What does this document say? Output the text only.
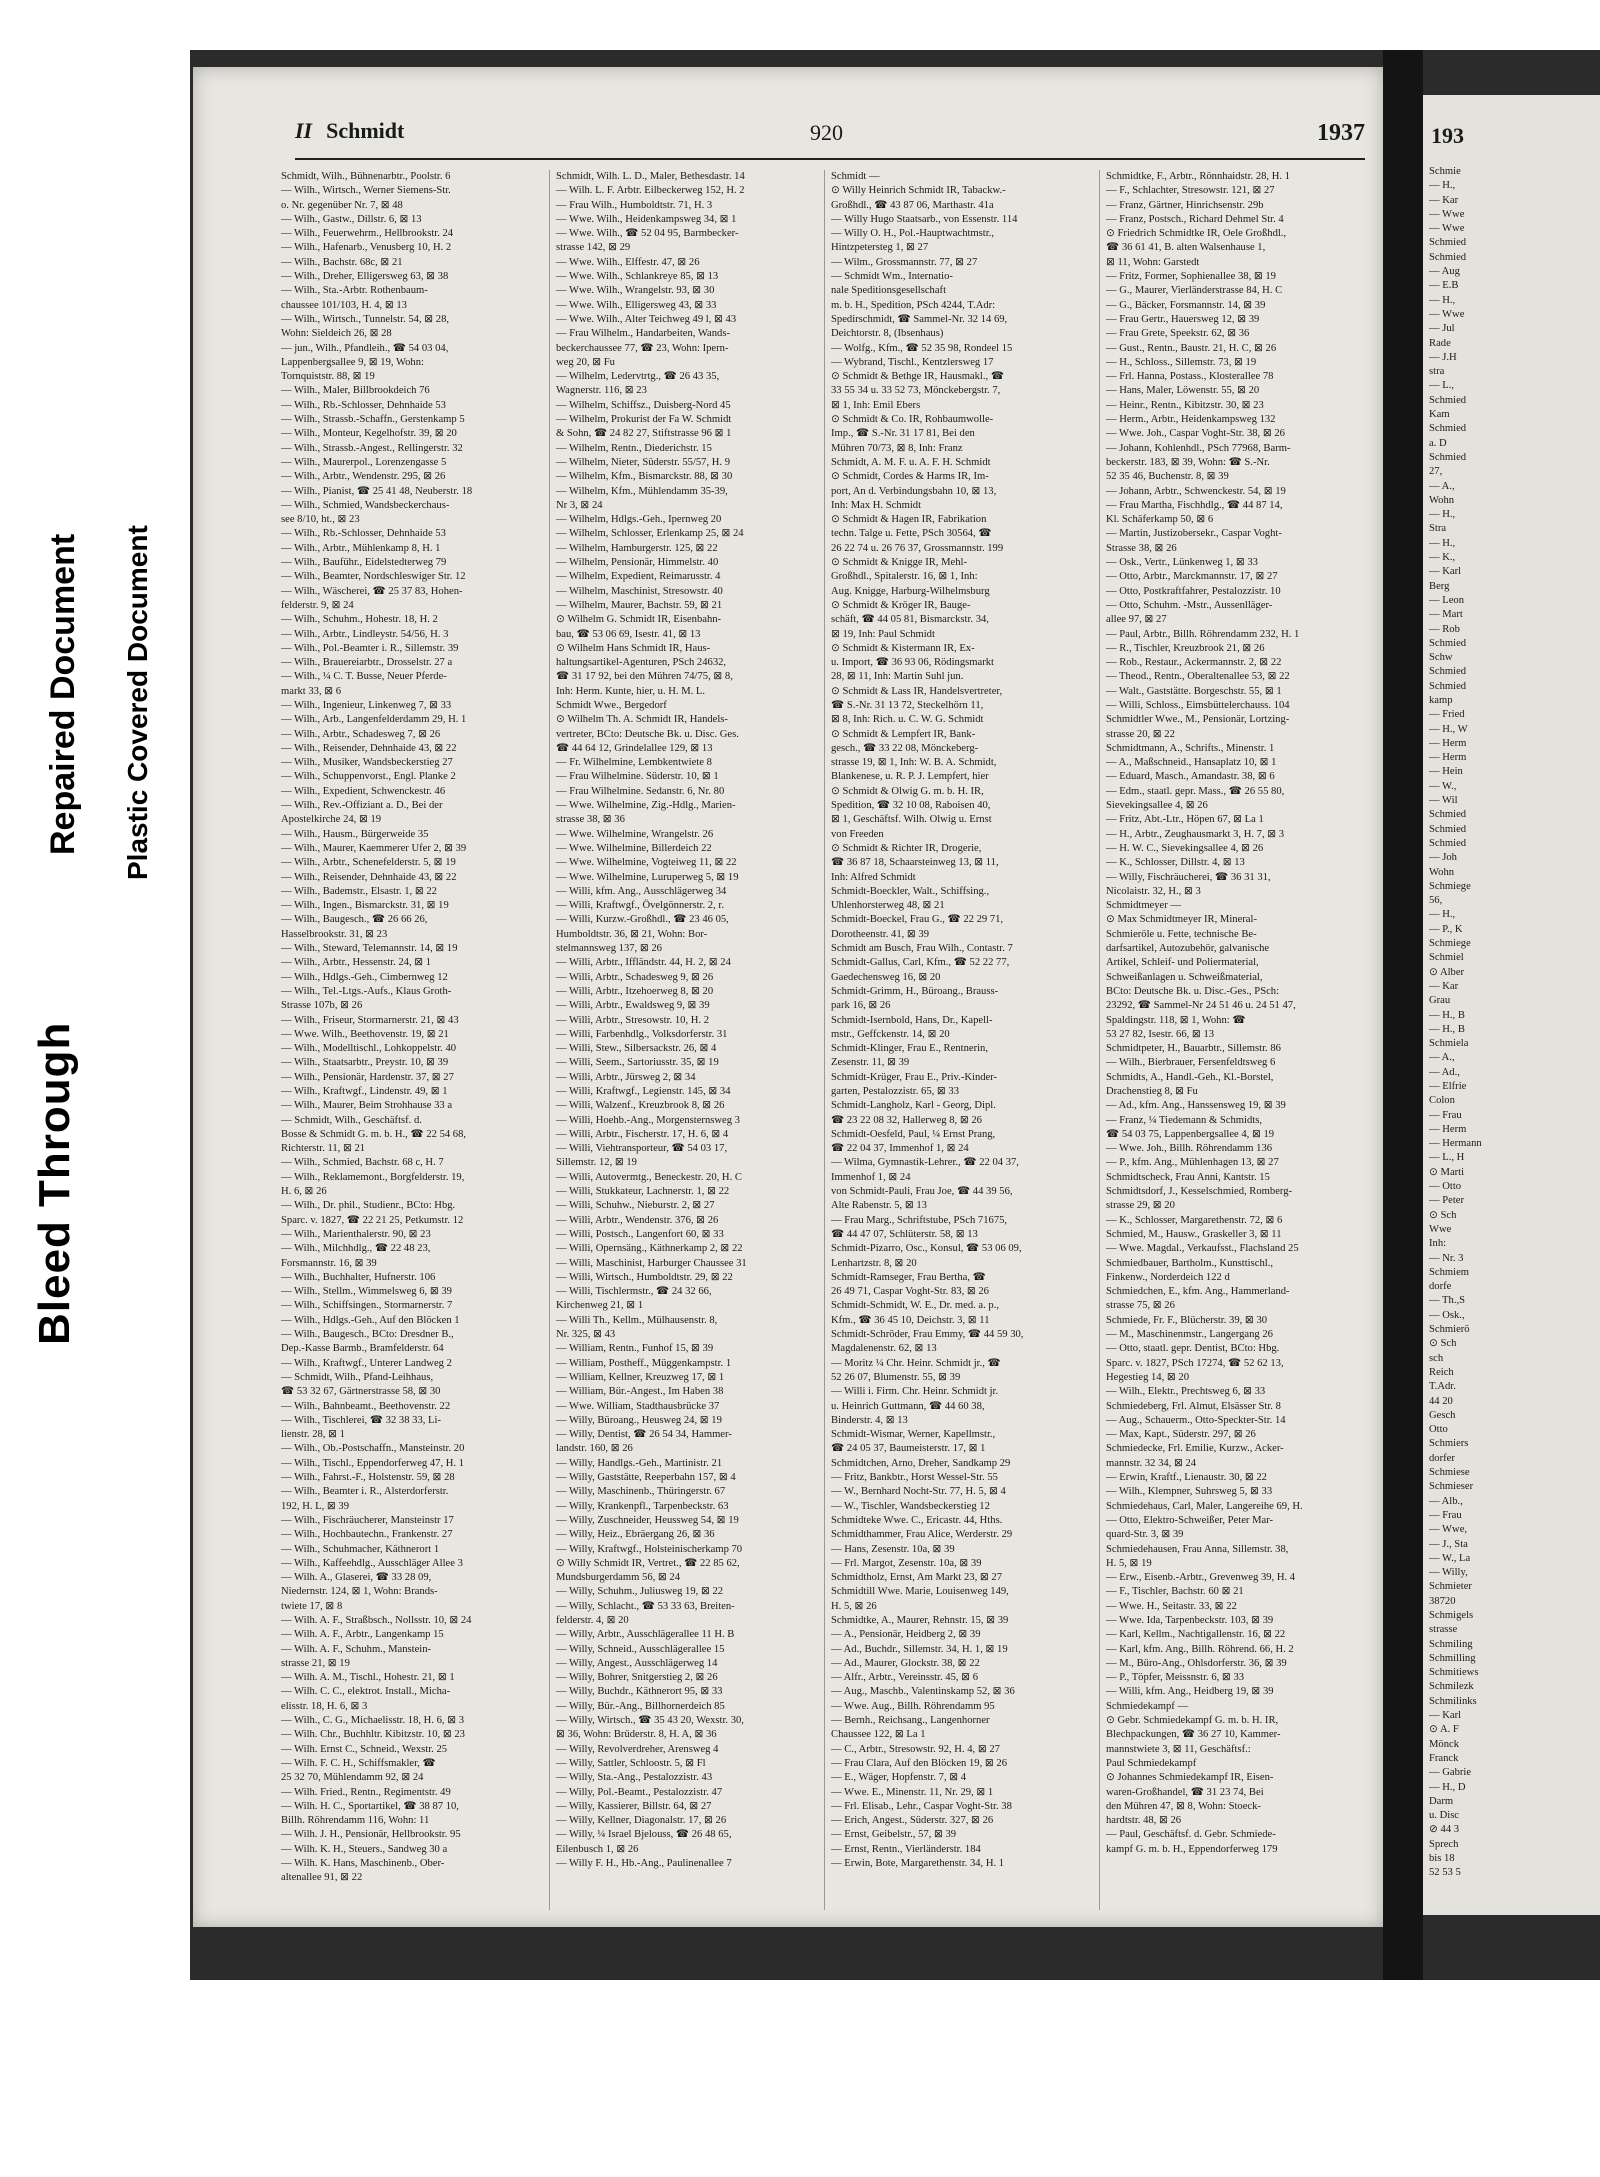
Bleed Through
Repaired Document Plastic Covered Document
193
Schmie
— H.,
— Kar
— Wwe
— Wwe
Schmied
Schmied
— Aug
— E.B
— H.,
— Wwe
— Jul
Rade
— J.H
stra
— L.,
Schmied
Kam
Schmied
a. D
Schmied
27,
— A.,
Wohn
— H.,
Stra
— H.,
— K.,
— Karl
Berg
— Leon
— Mart
— Rob
Schmied
Schw
Schmied
Schmied
kamp
— Fried
— H., W
— Herm
— Herm
— Hein
— W.,
— Wil
Schmied
Schmied
Schmied
— Joh
Wohn
Schmiege
56,
— H.,
— P., K
Schmiege
Schmiel
⊙ Alber
— Kar
Grau
— H., B
— H., B
Schmiela
— A.,
— Ad.,
— Elfrie
Colon
— Frau
— Herm
— Hermann
— L., H
⊙ Marti
— Otto
— Peter
⊙ Sch
Wwe
Inh:
— Nr. 3
Schmiem
dorfe
— Th.,S
— Osk.,
Schmierö
⊙ Sch
sch
Reich
T.Adr.
44 20
Gesch
Otto
Schmiers
dorfer
Schmiese
Schmieser
— Alb.,
— Frau
— Wwe,
— J., Sta
— W., La
— Willy,
Schmieter
38720
Schmigels
strasse
Schmiling
Schmilling
Schmitiews
Schmilezk
Schmilinks
— Karl
⊙ A. F
Mönck
Franck
— Gabrie
— H., D
Darm
u. Disc
⊘ 44 3
Sprech
bis 18
52 53 5
II Schmidt	920	1937
Schmidt, Wilh., Bühnenarbtr., Poolstr. 6
— Wilh., Wirtsch., Werner Siemens-Str.
o. Nr. gegenüber Nr. 7, ⊠ 48
— Wilh., Gastw., Dillstr. 6, ⊠ 13
— Wilh., Feuerwehrm., Hellbrookstr. 24
— Wilh., Hafenarb., Venusberg 10, H. 2
— Wilh., Bachstr. 68c, ⊠ 21
— Wilh., Dreher, Elligersweg 63, ⊠ 38
— Wilh., Sta.-Arbtr. Rothenbaum-
chaussee 101/103, H. 4, ⊠ 13
— Wilh., Wirtsch., Tunnelstr. 54, ⊠ 28,
Wohn: Sieldeich 26, ⊠ 28
— jun., Wilh., Pfandleih., ☎ 54 03 04,
Lappenbergsallee 9, ⊠ 19, Wohn:
Tornquiststr. 88, ⊠ 19
— Wilh., Maler, Billbrookdeich 76
— Wilh., Rb.-Schlosser, Dehnhaide 53
— Wilh., Strassb.-Schaffn., Gerstenkamp 5
— Wilh., Monteur, Kegelhofstr. 39, ⊠ 20
— Wilh., Strassb.-Angest., Rellingerstr. 32
— Wilh., Maurerpol., Lorenzengasse 5
— Wilh., Arbtr., Wendenstr. 295, ⊠ 26
— Wilh., Pianist, ☎ 25 41 48, Neuberstr. 18
— Wilh., Schmied, Wandsbeckerchaus-
see 8/10, ht., ⊠ 23
— Wilh., Rb.-Schlosser, Dehnhaide 53
— Wilh., Arbtr., Mühlenkamp 8, H. 1
— Wilh., Bauführ., Eidelstedterweg 79
— Wilh., Beamter, Nordschleswiger Str. 12
— Wilh., Wäscherei, ☎ 25 37 83, Hohen-
felderstr. 9, ⊠ 24
— Wilh., Schuhm., Hohestr. 18, H. 2
— Wilh., Arbtr., Lindleystr. 54/56, H. 3
— Wilh., Pol.-Beamter i. R., Sillemstr. 39
— Wilh., Brauereiarbtr., Drosselstr. 27 a
— Wilh., ¼ C. T. Busse, Neuer Pferde-
markt 33, ⊠ 6
— Wilh., Ingenieur, Linkenweg 7, ⊠ 33
— Wilh., Arb., Langenfelderdamm 29, H. 1
— Wilh., Arbtr., Schadesweg 7, ⊠ 26
— Wilh., Reisender, Dehnhaide 43, ⊠ 22
— Wilh., Musiker, Wandsbeckerstieg 27
— Wilh., Schuppenvorst., Engl. Planke 2
— Wilh., Expedient, Schwenckestr. 46
— Wilh., Rev.-Offiziant a. D., Bei der
Apostelkirche 24, ⊠ 19
— Wilh., Hausm., Bürgerweide 35
— Wilh., Maurer, Kaemmerer Ufer 2, ⊠ 39
— Wilh., Arbtr., Schenefelderstr. 5, ⊠ 19
— Wilh., Reisender, Dehnhaide 43, ⊠ 22
— Wilh., Bademstr., Elsastr. 1, ⊠ 22
— Wilh., Ingen., Bismarckstr. 31, ⊠ 19
— Wilh., Baugesch., ☎ 26 66 26,
Hasselbrookstr. 31, ⊠ 23
— Wilh., Steward, Telemannstr. 14, ⊠ 19
— Wilh., Arbtr., Hessenstr. 24, ⊠ 1
— Wilh., Hdlgs.-Geh., Cimbernweg 12
— Wilh., Tel.-Ltgs.-Aufs., Klaus Groth-
Strasse 107b, ⊠ 26
— Wilh., Friseur, Stormarnerstr. 21, ⊠ 43
— Wwe. Wilh., Beethovenstr. 19, ⊠ 21
— Wilh., Modelltischl., Lohkoppelstr. 40
— Wilh., Staatsarbtr., Preystr. 10, ⊠ 39
— Wilh., Pensionär, Hardenstr. 37, ⊠ 27
— Wilh., Kraftwgf., Lindenstr. 49, ⊠ 1
— Wilh., Maurer, Beim Strohhause 33 a
— Schmidt, Wilh., Geschäftsf. d.
Bosse & Schmidt G. m. b. H., ☎ 22 54 68,
Richterstr. 11, ⊠ 21
— Wilh., Schmied, Bachstr. 68 c, H. 7
— Wilh., Reklamemont., Borgfelderstr. 19,
H. 6, ⊠ 26
— Wilh., Dr. phil., Studienr., BCto: Hbg.
Sparc. v. 1827, ☎ 22 21 25, Petkumstr. 12
— Wilh., Marienthalerstr. 90, ⊠ 23
— Wilh., Milchhdlg., ☎ 22 48 23,
Forsmannstr. 16, ⊠ 39
— Wilh., Buchhalter, Hufnerstr. 106
— Wilh., Stellm., Wimmelsweg 6, ⊠ 39
— Wilh., Schiffsingen., Stormarnerstr. 7
— Wilh., Hdlgs.-Geh., Auf den Blöcken 1
— Wilh., Baugesch., BCto: Dresdner B.,
Dep.-Kasse Barmb., Bramfelderstr. 64
— Wilh., Kraftwgf., Unterer Landweg 2
— Schmidt, Wilh., Pfand-Leihhaus,
☎ 53 32 67, Gärtnerstrasse 58, ⊠ 30
— Wilh., Bahnbeamt., Beethovenstr. 22
— Wilh., Tischlerei, ☎ 32 38 33, Li-
lienstr. 28, ⊠ 1
— Wilh., Ob.-Postschaffn., Mansteinstr. 20
— Wilh., Tischl., Eppendorferweg 47, H. 1
— Wilh., Fahrst.-F., Holstenstr. 59, ⊠ 28
— Wilh., Beamter i. R., Alsterdorferstr.
192, H. L, ⊠ 39
— Wilh., Fischräucherer, Mansteinstr 17
— Wilh., Hochbautechn., Frankenstr. 27
— Wilh., Schuhmacher, Käthnerort 1
— Wilh., Kaffeehdlg., Ausschläger Allee 3
— Wilh. A., Glaserei, ☎ 33 28 09,
Niedernstr. 124, ⊠ 1, Wohn: Brands-
twiete 17, ⊠ 8
— Wilh. A. F., Straßbsch., Nollsstr. 10, ⊠ 24
— Wilh. A. F., Arbtr., Langenkamp 15
— Wilh. A. F., Schuhm., Manstein-
strasse 21, ⊠ 19
— Wilh. A. M., Tischl., Hohestr. 21, ⊠ 1
— Wilh. C. C., elektrot. Install., Micha-
elisstr. 18, H. 6, ⊠ 3
— Wilh., C. G., Michaelisstr. 18, H. 6, ⊠ 3
— Wilh. Chr., Buchhltr. Kibitzstr. 10, ⊠ 23
— Wilh. Ernst C., Schneid., Wexstr. 25
— Wilh. F. C. H., Schiffsmakler, ☎
25 32 70, Mühlendamm 92, ⊠ 24
— Wilh. Fried., Rentn., Regimentstr. 49
— Wilh. H. C., Sportartikel, ☎ 38 87 10,
Billh. Röhrendamm 116, Wohn: 11
— Wilh. J. H., Pensionär, Hellbrookstr. 95
— Wilh. K. H., Steuers., Sandweg 30 a
— Wilh. K. Hans, Maschinenb., Ober-
altenallee 91, ⊠ 22
Schmidt, Wilh. L. D., Maler, Bethesdastr. 14
— Wilh. L. F. Arbtr. Eilbeckerweg 152, H. 2
— Frau Wilh., Humboldtstr. 71, H. 3
— Wwe. Wilh., Heidenkampsweg 34, ⊠ 1
— Wwe. Wilh., ☎ 52 04 95, Barmbecker-
strasse 142, ⊠ 29
— Wwe. Wilh., Elffestr. 47, ⊠ 26
— Wwe. Wilh., Schlankreye 85, ⊠ 13
— Wwe. Wilh., Wrangelstr. 93, ⊠ 30
— Wwe. Wilh., Elligersweg 43, ⊠ 33
— Wwe. Wilh., Alter Teichweg 49 l, ⊠ 43
— Frau Wilhelm., Handarbeiten, Wands-
beckerchaussee 77, ☎ 23, Wohn: Ipern-
weg 20, ⊠ Fu
— Wilhelm, Ledervtrtg., ☎ 26 43 35,
Wagnerstr. 116, ⊠ 23
— Wilhelm, Schiffsz., Duisberg-Nord 45
— Wilhelm, Prokurist der Fa W. Schmidt
& Sohn, ☎ 24 82 27, Stiftstrasse 96 ⊠ 1
— Wilhelm, Rentn., Diederichstr. 15
— Wilhelm, Nieter, Süderstr. 55/57, H. 9
— Wilhelm, Kfm., Bismarckstr. 88, ⊠ 30
— Wilhelm, Kfm., Mühlendamm 35-39,
Nr 3, ⊠ 24
— Wilhelm, Hdlgs.-Geh., Ipernweg 20
— Wilhelm, Schlosser, Erlenkamp 25, ⊠ 24
— Wilhelm, Hamburgerstr. 125, ⊠ 22
— Wilhelm, Pensionär, Himmelstr. 40
— Wilhelm, Expedient, Reimarusstr. 4
— Wilhelm, Maschinist, Stresowstr. 40
— Wilhelm, Maurer, Bachstr. 59, ⊠ 21
⊙ Wilhelm G. Schmidt IR, Eisenbahn-
bau, ☎ 53 06 69, Isestr. 41, ⊠ 13
⊙ Wilhelm Hans Schmidt IR, Haus-
haltungsartikel-Agenturen, PSch 24632,
☎ 31 17 92, bei den Mühren 74/75, ⊠ 8,
Inh: Herm. Kunte, hier, u. H. M. L.
Schmidt Wwe., Bergedorf
⊙ Wilhelm Th. A. Schmidt IR, Handels-
vertreter, BCto: Deutsche Bk. u. Disc. Ges.
☎ 44 64 12, Grindelallee 129, ⊠ 13
— Fr. Wilhelmine, Lembkentwiete 8
— Frau Wilhelmine. Süderstr. 10, ⊠ 1
— Frau Wilhelmine. Sedanstr. 6, Nr. 80
— Wwe. Wilhelmine, Zig.-Hdlg., Marien-
strasse 38, ⊠ 36
— Wwe. Wilhelmine, Wrangelstr. 26
— Wwe. Wilhelmine, Billerdeich 22
— Wwe. Wilhelmine, Vogteiweg 11, ⊠ 22
— Wwe. Wilhelmine, Luruperweg 5, ⊠ 19
— Willi, kfm. Ang., Ausschlägerweg 34
— Willi, Kraftwgf., Övelgönnerstr. 2, r.
— Willi, Kurzw.-Großhdl., ☎ 23 46 05,
Humboldtstr. 36, ⊠ 21, Wohn: Bor-
stelmannsweg 137, ⊠ 26
— Willi, Arbtr., Iffländstr. 44, H. 2, ⊠ 24
— Willi, Arbtr., Schadesweg 9, ⊠ 26
— Willi, Arbtr., Itzehoerweg 8, ⊠ 20
— Willi, Arbtr., Ewaldsweg 9, ⊠ 39
— Willi, Arbtr., Stresowstr. 10, H. 2
— Willi, Farbenhdlg., Volksdorferstr. 31
— Willi, Stew., Silbersackstr. 26, ⊠ 4
— Willi, Seem., Sartoriusstr. 35, ⊠ 19
— Willi, Arbtr., Jürsweg 2, ⊠ 34
— Willi, Kraftwgf., Legienstr. 145, ⊠ 34
— Willi, Walzenf., Kreuzbrook 8, ⊠ 26
— Willi, Hoehb.-Ang., Morgensternsweg 3
— Willi, Arbtr., Fischerstr. 17, H. 6, ⊠ 4
— Willi, Viehtransporteur, ☎ 54 03 17,
Sillemstr. 12, ⊠ 19
— Willi, Autovermtg., Beneckestr. 20, H. C
— Willi, Stukkateur, Lachnerstr. 1, ⊠ 22
— Willi, Schuhw., Nieburstr. 2, ⊠ 27
— Willi, Arbtr., Wendenstr. 376, ⊠ 26
— Willi, Postsch., Langenfort 60, ⊠ 33
— Willi, Opernsäng., Käthnerkamp 2, ⊠ 22
— Willi, Maschinist, Harburger Chaussee 31
— Willi, Wirtsch., Humboldtstr. 29, ⊠ 22
— Willi, Tischlermstr., ☎ 24 32 66,
Kirchenweg 21, ⊠ 1
— Willi Th., Kellm., Mülhausenstr. 8,
Nr. 325, ⊠ 43
— William, Rentn., Funhof 15, ⊠ 39
— William, Postheff., Müggenkampstr. 1
— William, Kellner, Kreuzweg 17, ⊠ 1
— William, Bür.-Angest., Im Haben 38
— Wwe. William, Stadthausbrücke 37
— Willy, Büroang., Heusweg 24, ⊠ 19
— Willy, Dentist, ☎ 26 54 34, Hammer-
landstr. 160, ⊠ 26
— Willy, Handlgs.-Geh., Martinistr. 21
— Willy, Gaststätte, Reeperbahn 157, ⊠ 4
— Willy, Maschinenb., Thüringerstr. 67
— Willy, Krankenpfl., Tarpenbeckstr. 63
— Willy, Zuschneider, Heussweg 54, ⊠ 19
— Willy, Heiz., Ebräergang 26, ⊠ 36
— Willy, Kraftwgf., Holsteinischerkamp 70
⊙ Willy Schmidt IR, Vertret., ☎ 22 85 62,
Mundsburgerdamm 56, ⊠ 24
— Willy, Schuhm., Juliusweg 19, ⊠ 22
— Willy, Schlacht., ☎ 53 33 63, Breiten-
felderstr. 4, ⊠ 20
— Willy, Arbtr., Ausschlägerallee 11 H. B
— Willy, Schneid., Ausschlägerallee 15
— Willy, Angest., Ausschlägerweg 14
— Willy, Bohrer, Snitgerstieg 2, ⊠ 26
— Willy, Buchdr., Käthnerort 95, ⊠ 33
— Willy, Bür.-Ang., Billhornerdeich 85
— Willy, Wirtsch., ☎ 35 43 20, Wexstr. 30,
⊠ 36, Wohn: Brüderstr. 8, H. A, ⊠ 36
— Willy, Revolverdreher, Arensweg 4
— Willy, Sattler, Schloostr. 5, ⊠ Fl
— Willy, Sta.-Ang., Pestalozzistr. 43
— Willy, Pol.-Beamt., Pestalozzistr. 47
— Willy, Kassierer, Billstr. 64, ⊠ 27
— Willy, Kellner, Diagonalstr. 17, ⊠ 26
— Willy, ¼ Israel Bjelouss, ☎ 26 48 65,
Eilenbusch 1, ⊠ 26
— Willy F. H., Hb.-Ang., Paulinenallee 7
Schmidt —
⊙ Willy Heinrich Schmidt IR, Tabackw.-
Großhdl., ☎ 43 87 06, Marthastr. 41a
— Willy Hugo Staatsarb., von Essenstr. 114
— Willy O. H., Pol.-Hauptwachtmstr.,
Hintzpetersteg 1, ⊠ 27
— Wilm., Grossmannstr. 77, ⊠ 27
— Schmidt Wm., Internatio-
nale Speditionsgesellschaft
m. b. H., Spedition, PSch 4244, T.Adr:
Spedirschmidt, ☎ Sammel-Nr. 32 14 69,
Deichtorstr. 8, (Ibsenhaus)
— Wolfg., Kfm., ☎ 52 35 98, Rondeel 15
— Wybrand, Tischl., Kentzlersweg 17
⊙ Schmidt & Bethge IR, Hausmakl., ☎
33 55 34 u. 33 52 73, Mönckebergstr. 7,
⊠ 1, Inh: Emil Ebers
⊙ Schmidt & Co. IR, Rohbaumwolle-
Imp., ☎ S.-Nr. 31 17 81, Bei den
Mühren 70/73, ⊠ 8, Inh: Franz
Schmidt, A. M. F. u. A. F. H. Schmidt
⊙ Schmidt, Cordes & Harms IR, Im-
port, An d. Verbindungsbahn 10, ⊠ 13,
Inh: Max H. Schmidt
⊙ Schmidt & Hagen IR, Fabrikation
techn. Talge u. Fette, PSch 30564, ☎
26 22 74 u. 26 76 37, Grossmannstr. 199
⊙ Schmidt & Knigge IR, Mehl-
Großhdl., Spitalerstr. 16, ⊠ 1, Inh:
Aug. Knigge, Harburg-Wilhelmsburg
⊙ Schmidt & Kröger IR, Bauge-
schäft, ☎ 44 05 81, Bismarckstr. 34,
⊠ 19, Inh: Paul Schmidt
⊙ Schmidt & Kistermann IR, Ex-
u. Import, ☎ 36 93 06, Rödingsmarkt
28, ⊠ 11, Inh: Martin Suhl jun.
⊙ Schmidt & Lass IR, Handelsvertreter,
☎ S.-Nr. 31 13 72, Steckelhörn 11,
⊠ 8, Inh: Rich. u. C. W. G. Schmidt
⊙ Schmidt & Lempfert IR, Bank-
gesch., ☎ 33 22 08, Mönckeberg-
strasse 19, ⊠ 1, Inh: W. B. A. Schmidt,
Blankenese, u. R. P. J. Lempfert, hier
⊙ Schmidt & Olwig G. m. b. H. IR,
Spedition, ☎ 32 10 08, Raboisen 40,
⊠ 1, Geschäftsf. Wilh. Olwig u. Ernst
von Freeden
⊙ Schmidt & Richter IR, Drogerie,
☎ 36 87 18, Schaarsteinweg 13, ⊠ 11,
Inh: Alfred Schmidt
Schmidt-Boeckler, Walt., Schiffsing.,
Uhlenhorsterweg 48, ⊠ 21
Schmidt-Boeckel, Frau G., ☎ 22 29 71,
Dorotheenstr. 41, ⊠ 39
Schmidt am Busch, Frau Wilh., Contastr. 7
Schmidt-Gallus, Carl, Kfm., ☎ 52 22 77,
Gaedechensweg 16, ⊠ 20
Schmidt-Grimm, H., Büroang., Brauss-
park 16, ⊠ 26
Schmidt-Isernbold, Hans, Dr., Kapell-
mstr., Geffckenstr. 14, ⊠ 20
Schmidt-Klinger, Frau E., Rentnerin,
Zesenstr. 11, ⊠ 39
Schmidt-Krüger, Frau E., Priv.-Kinder-
garten, Pestalozzistr. 65, ⊠ 33
Schmidt-Langholz, Karl - Georg, Dipl.
☎ 23 22 08 32, Hallerweg 8, ⊠ 26
Schmidt-Oesfeld, Paul, ¼ Ernst Prang,
☎ 22 04 37, Immenhof 1, ⊠ 24
— Wilma, Gymnastik-Lehrer., ☎ 22 04 37,
Immenhof 1, ⊠ 24
von Schmidt-Pauli, Frau Joe, ☎ 44 39 56,
Alte Rabenstr. 5, ⊠ 13
— Frau Marg., Schriftstube, PSch 71675,
☎ 44 47 07, Schlüterstr. 58, ⊠ 13
Schmidt-Pizarro, Osc., Konsul, ☎ 53 06 09,
Lenhartzstr. 8, ⊠ 20
Schmidt-Ramseger, Frau Bertha, ☎
26 49 71, Caspar Voght-Str. 83, ⊠ 26
Schmidt-Schmidt, W. E., Dr. med. a. p.,
Kfm., ☎ 36 45 10, Deichstr. 3, ⊠ 11
Schmidt-Schröder, Frau Emmy, ☎ 44 59 30,
Magdalenenstr. 62, ⊠ 13
— Moritz ¼ Chr. Heinr. Schmidt jr., ☎
52 26 07, Blumenstr. 55, ⊠ 39
— Willi i. Firm. Chr. Heinr. Schmidt jr.
u. Heinrich Guttmann, ☎ 44 60 38,
Binderstr. 4, ⊠ 13
Schmidt-Wismar, Werner, Kapellmstr.,
☎ 24 05 37, Baumeisterstr. 17, ⊠ 1
Schmidtchen, Arno, Dreher, Sandkamp 29
— Fritz, Bankbtr., Horst Wessel-Str. 55
— W., Bernhard Nocht-Str. 77, H. 5, ⊠ 4
— W., Tischler, Wandsbeckerstieg 12
Schmidteke Wwe. C., Ericastr. 44, Hths.
Schmidthammer, Frau Alice, Werderstr. 29
— Hans, Zesenstr. 10a, ⊠ 39
— Frl. Margot, Zesenstr. 10a, ⊠ 39
Schmidtholz, Ernst, Am Markt 23, ⊠ 27
Schmidtill Wwe. Marie, Louisenweg 149,
H. 5, ⊠ 26
Schmidtke, A., Maurer, Rehnstr. 15, ⊠ 39
— A., Pensionär, Heidberg 2, ⊠ 39
— Ad., Buchdr., Sillemstr. 34, H. 1, ⊠ 19
— Ad., Maurer, Glockstr. 38, ⊠ 22
— Alfr., Arbtr., Vereinsstr. 45, ⊠ 6
— Aug., Maschb., Valentinskamp 52, ⊠ 36
— Wwe. Aug., Billh. Röhrendamm 95
— Bernh., Reichsang., Langenhorner
Chaussee 122, ⊠ La 1
— C., Arbtr., Stresowstr. 92, H. 4, ⊠ 27
— Frau Clara, Auf den Blöcken 19, ⊠ 26
— E., Wäger, Hopfenstr. 7, ⊠ 4
— Wwe. E., Minenstr. 11, Nr. 29, ⊠ 1
— Frl. Elisab., Lehr., Caspar Voght-Str. 38
— Erich, Angest., Süderstr. 327, ⊠ 26
— Ernst, Geibelstr., 57, ⊠ 39
— Ernst, Rentn., Vierländerstr. 184
— Erwin, Bote, Margarethenstr. 34, H. 1
Schmidtke, F., Arbtr., Rönnhaidstr. 28, H. 1
— F., Schlachter, Stresowstr. 121, ⊠ 27
— Franz, Gärtner, Hinrichsenstr. 29b
— Franz, Postsch., Richard Dehmel Str. 4
⊙ Friedrich Schmidtke IR, Oele Großhdl.,
☎ 36 61 41, B. alten Walsenhause 1,
⊠ 11, Wohn: Garstedt
— Fritz, Former, Sophienallee 38, ⊠ 19
— G., Maurer, Vierländerstrasse 84, H. C
— G., Bäcker, Forsmannstr. 14, ⊠ 39
— Frau Gertr., Hauersweg 12, ⊠ 39
— Frau Grete, Speekstr. 62, ⊠ 36
— Gust., Rentn., Baustr. 21, H. C, ⊠ 26
— H., Schloss., Sillemstr. 73, ⊠ 19
— Frl. Hanna, Postass., Klosterallee 78
— Hans, Maler, Löwenstr. 55, ⊠ 20
— Heinr., Rentn., Kibitzstr. 30, ⊠ 23
— Herm., Arbtr., Heidenkampsweg 132
— Wwe. Joh., Caspar Voght-Str. 38, ⊠ 26
— Johann, Kohlenhdl., PSch 77968, Barm-
beckerstr. 183, ⊠ 39, Wohn: ☎ S.-Nr.
52 35 46, Buchenstr. 8, ⊠ 39
— Johann, Arbtr., Schwenckestr. 54, ⊠ 19
— Frau Martha, Fischhdlg., ☎ 44 87 14,
Kl. Schäferkamp 50, ⊠ 6
— Martin, Justizobersekr., Caspar Voght-
Strasse 38, ⊠ 26
— Osk., Vertr., Lünkenweg 1, ⊠ 33
— Otto, Arbtr., Marckmannstr. 17, ⊠ 27
— Otto, Postkraftfahrer, Pestalozzistr. 10
— Otto, Schuhm. -Mstr., Aussenlläger-
allee 97, ⊠ 27
— Paul, Arbtr., Billh. Röhrendamm 232, H. 1
— R., Tischler, Kreuzbrook 21, ⊠ 26
— Rob., Restaur., Ackermannstr. 2, ⊠ 22
— Theod., Rentn., Oberaltenallee 53, ⊠ 22
— Walt., Gaststätte. Borgeschstr. 55, ⊠ 1
— Willi, Schloss., Eimsbüttelerchauss. 104
Schmidtler Wwe., M., Pensionär, Lortzing-
strasse 20, ⊠ 22
Schmidtmann, A., Schrifts., Minenstr. 1
— A., Maßschneid., Hansaplatz 10, ⊠ 1
— Eduard, Masch., Amandastr. 38, ⊠ 6
— Edm., staatl. gepr. Mass., ☎ 26 55 80,
Sievekingsallee 4, ⊠ 26
— Fritz, Abt.-Ltr., Höpen 67, ⊠ La 1
— H., Arbtr., Zeughausmarkt 3, H. 7, ⊠ 3
— H. W. C., Sievekingsallee 4, ⊠ 26
— K., Schlosser, Dillstr. 4, ⊠ 13
— Willy, Fischräucherei, ☎ 36 31 31,
Nicolaistr. 32, H., ⊠ 3
Schmidtmeyer —
⊙ Max Schmidtmeyer IR, Mineral-
Schmieröle u. Fette, technische Be-
darfsartikel, Autozubehör, galvanische
Artikel, Schleif- und Poliermaterial,
Schweißanlagen u. Schweißmaterial,
BCto: Deutsche Bk. u. Disc.-Ges., PSch:
23292, ☎ Sammel-Nr 24 51 46 u. 24 51 47,
Spaldingstr. 118, ⊠ 1, Wohn: ☎
53 27 82, Isestr. 66, ⊠ 13
Schmidtpeter, H., Bauarbtr., Sillemstr. 86
— Wilh., Bierbrauer, Fersenfeldtsweg 6
Schmidts, A., Handl.-Geh., Kl.-Borstel,
Drachenstieg 8, ⊠ Fu
— Ad., kfm. Ang., Hanssensweg 19, ⊠ 39
— Franz, ¼ Tiedemann & Schmidts,
☎ 54 03 75, Lappenbergsallee 4, ⊠ 19
— Wwe. Joh., Billh. Röhrendamm 136
— P., kfm. Ang., Mühlenhagen 13, ⊠ 27
Schmidtscheck, Frau Anni, Kantstr. 15
Schmidtsdorf, J., Kesselschmied, Romberg-
strasse 29, ⊠ 20
— K., Schlosser, Margarethenstr. 72, ⊠ 6
Schmied, M., Hausw., Graskeller 3, ⊠ 11
— Wwe. Magdal., Verkaufsst., Flachsland 25
Schmiedbauer, Bartholm., Kunsttischl.,
Finkenw., Norderdeich 122 d
Schmiedchen, E., kfm. Ang., Hammerland-
strasse 75, ⊠ 26
Schmiede, Fr. F., Blücherstr. 39, ⊠ 30
— M., Maschinenmstr., Langergang 26
— Otto, staatl. gepr. Dentist, BCto: Hbg.
Sparc. v. 1827, PSch 17274, ☎ 52 62 13,
Hegestieg 14, ⊠ 20
— Wilh., Elektr., Prechtsweg 6, ⊠ 33
Schmiedeberg, Frl. Almut, Elsässer Str. 8
— Aug., Schauerm., Otto-Speckter-Str. 14
— Max, Kapt., Süderstr. 297, ⊠ 26
Schmiedecke, Frl. Emilie, Kurzw., Acker-
mannstr. 32 34, ⊠ 24
— Erwin, Kraftf., Lienaustr. 30, ⊠ 22
— Wilh., Klempner, Suhrsweg 5, ⊠ 33
Schmiedehaus, Carl, Maler, Langereihe 69, H.
— Otto, Elektro-Schweißer, Peter Mar-
quard-Str. 3, ⊠ 39
Schmiedehausen, Frau Anna, Sillemstr. 38,
H. 5, ⊠ 19
— Erw., Eisenb.-Arbtr., Grevenweg 39, H. 4
— F., Tischler, Bachstr. 60 ⊠ 21
— Wwe. H., Seitastr. 33, ⊠ 22
— Wwe. Ida, Tarpenbeckstr. 103, ⊠ 39
— Karl, Kellm., Nachtigallenstr. 16, ⊠ 22
— Karl, kfm. Ang., Billh. Röhrend. 66, H. 2
— M., Büro-Ang., Ohlsdorferstr. 36, ⊠ 39
— P., Töpfer, Meissnstr. 6, ⊠ 33
— Willi, kfm. Ang., Heidberg 19, ⊠ 39
Schmiedekampf —
⊙ Gebr. Schmiedekampf G. m. b. H. IR,
Blechpackungen, ☎ 36 27 10, Kammer-
mannstwiete 3, ⊠ 11, Geschäftsf.:
Paul Schmiedekampf
⊙ Johannes Schmiedekampf IR, Eisen-
waren-Großhandel, ☎ 31 23 74, Bei
den Mühren 47, ⊠ 8, Wohn: Stoeck-
hardtstr. 48, ⊠ 26
— Paul, Geschäftsf. d. Gebr. Schmiede-
kampf G. m. b. H., Eppendorferweg 179
